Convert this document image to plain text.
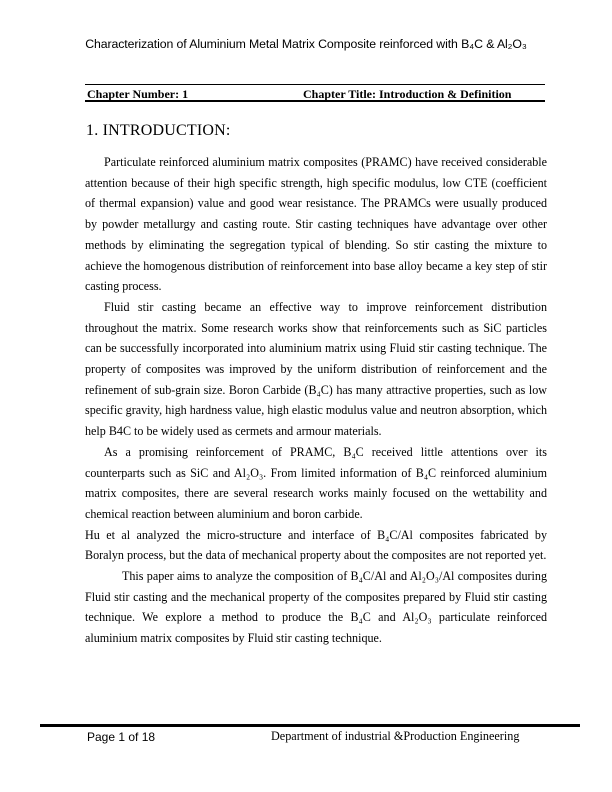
Characterization of Aluminium Metal Matrix Composite reinforced with B₄C & Al₂O₃
Chapter Number: 1	Chapter Title: Introduction & Definition
1. INTRODUCTION:

Particulate reinforced aluminium matrix composites (PRAMC) have received considerable attention because of their high specific strength, high specific modulus, low CTE (coefficient of thermal expansion) value and good wear resistance. The PRAMCs were usually produced by powder metallurgy and casting route. Stir casting techniques have advantage over other methods by eliminating the segregation typical of blending. So stir casting the mixture to achieve the homogenous distribution of reinforcement into base alloy became a key step of stir casting process.

Fluid stir casting became an effective way to improve reinforcement distribution throughout the matrix. Some research works show that reinforcements such as SiC particles can be successfully incorporated into aluminium matrix using Fluid stir casting technique. The property of composites was improved by the uniform distribution of reinforcement and the refinement of sub-grain size. Boron Carbide (B₄C) has many attractive properties, such as low specific gravity, high hardness value, high elastic modulus value and neutron absorption, which help B4C to be widely used as cermets and armour materials.

As a promising reinforcement of PRAMC, B₄C received little attentions over its counterparts such as SiC and Al₂O₃. From limited information of B₄C reinforced aluminium matrix composites, there are several research works mainly focused on the wettability and chemical reaction between aluminium and boron carbide.

Hu et al analyzed the micro-structure and interface of B₄C/Al composites fabricated by Boralyn process, but the data of mechanical property about the composites are not reported yet.

This paper aims to analyze the composition of B₄C/Al and Al₂O₃/Al composites during Fluid stir casting and the mechanical property of the composites prepared by Fluid stir casting technique. We explore a method to produce the B₄C and Al₂O₃ particulate reinforced aluminium matrix composites by Fluid stir casting technique.

Page 1 of 18	Department of industrial &Production Engineering
